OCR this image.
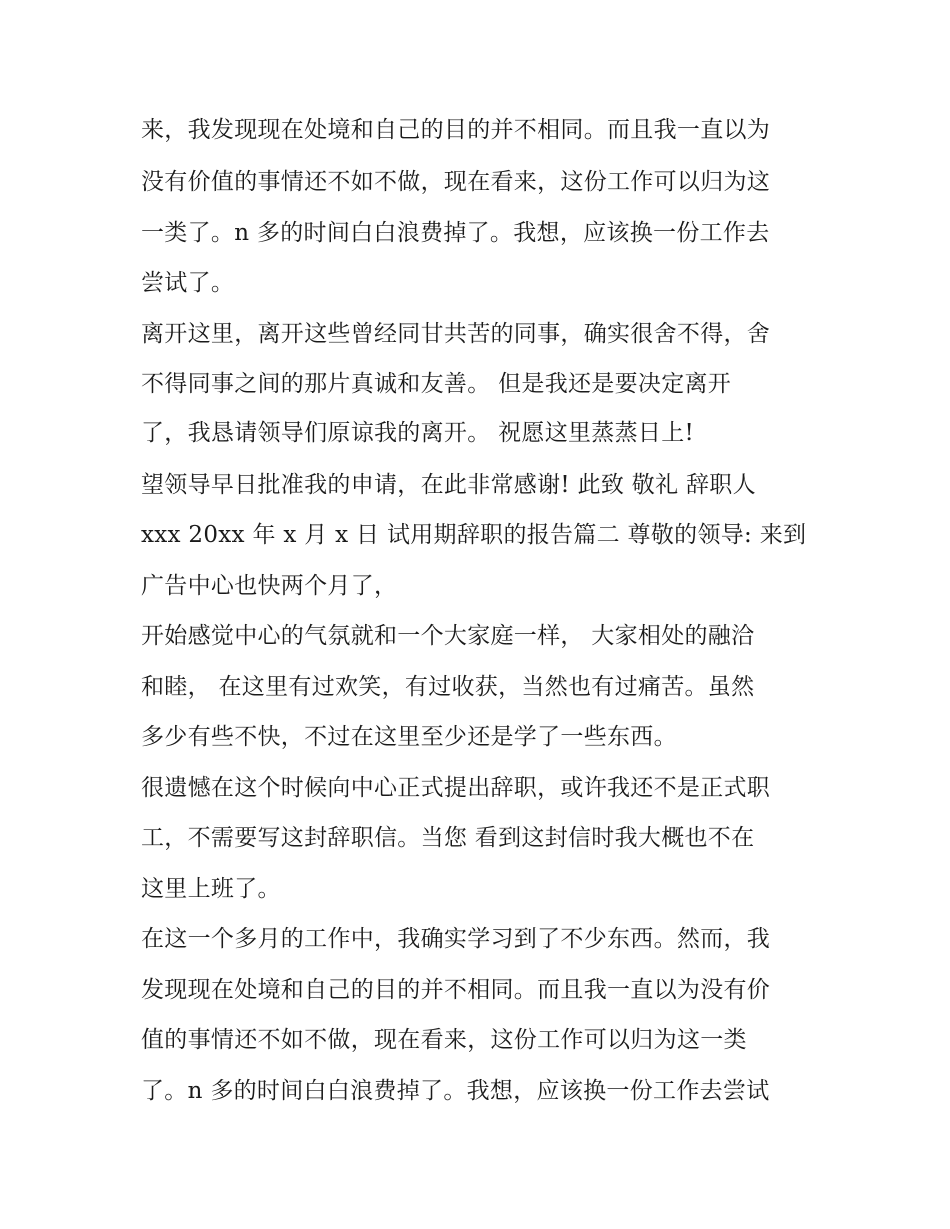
来，我发现现在处境和自己的目的并不相同。而且我一直以为
没有价值的事情还不如不做，现在看来，这份工作可以归为这
一类了。n 多的时间白白浪费掉了。我想，应该换一份工作去
尝试了。
离开这里，离开这些曾经同甘共苦的同事，确实很舍不得，舍
不得同事之间的那片真诚和友善。 但是我还是要决定离开
了，我恳请领导们原谅我的离开。 祝愿这里蒸蒸日上!
望领导早日批准我的申请，在此非常感谢! 此致 敬礼 辞职人
xxx 20xx 年 x 月 x 日 试用期辞职的报告篇二 尊敬的领导: 来到
广告中心也快两个月了，
开始感觉中心的气氛就和一个大家庭一样， 大家相处的融洽
和睦， 在这里有过欢笑，有过收获，当然也有过痛苦。虽然
多少有些不快，不过在这里至少还是学了一些东西。
很遗憾在这个时候向中心正式提出辞职，或许我还不是正式职
工，不需要写这封辞职信。当您 看到这封信时我大概也不在
这里上班了。
在这一个多月的工作中，我确实学习到了不少东西。然而，我
发现现在处境和自己的目的并不相同。而且我一直以为没有价
值的事情还不如不做，现在看来，这份工作可以归为这一类
了。n 多的时间白白浪费掉了。我想，应该换一份工作去尝试
